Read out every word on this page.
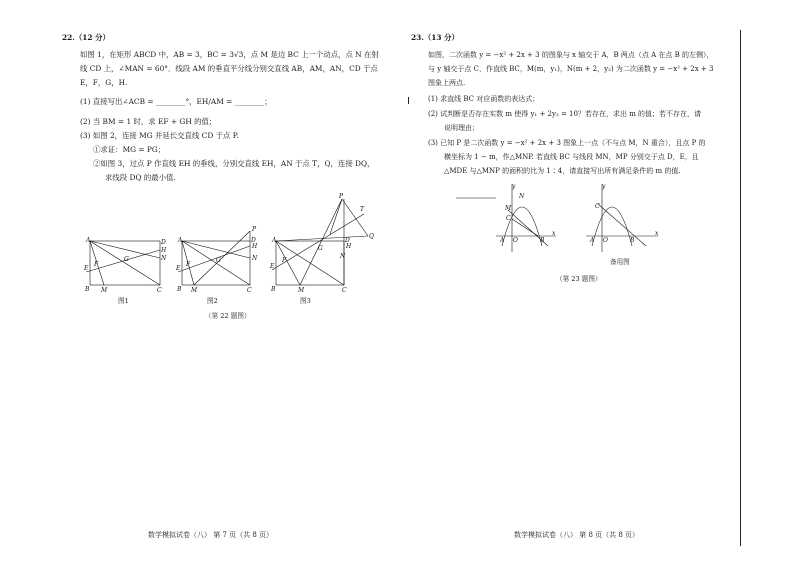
22.（12 分）
如图 1，在矩形 ABCD 中，AB = 3，BC = 3√3，点 M 是边 BC 上一个动点，点 N 在射
线 CD 上，∠MAN = 60°．线段 AM 的垂直平分线分别交直线 AB，AM，AN，CD 于点
E，F，G，H.
(1) 直接写出∠ACB = ________°，EH/AM = ________；
(2) 当 BM = 1 时，求 EF + GH 的值；
(3) 如图 2，连接 MG 并延长交直线 CD 于点 P.
①求证：MG = PG；
②如图 3，过点 P 作直线 EH 的垂线，分别交直线 EH，AN 于点 T，Q，连接 DQ，
求线段 DQ 的最小值.
A	D
B M	C
N
E
F
G
H
图1
A	D
B M	C
P
H
N
E
F
G
图2
A	D
B	M	C
P
T
Q
H
N
E
F
G
图3
（第 22 题图）
数学模拟试卷（八） 第 7 页（共 8 页）
23.（13 分）
如图，二次函数 y = −x² + 2x + 3 的图象与 x 轴交于 A，B 两点（点 A 在点 B 的左侧），
与 y 轴交于点 C，作直线 BC，M(m，y₁)，N(m + 2，y₂) 为二次函数 y = −x² + 2x + 3
图象上两点.
(1) 求直线 BC 对应函数的表达式；
(2) 试判断是否存在实数 m 使得 y₁ + 2y₂ = 10？若存在，求出 m 的值；若不存在，请
说明理由；
(3) 已知 P 是二次函数 y = −x² + 2x + 3 图象上一点（不与点 M，N 重合），且点 P 的
横坐标为 1 − m，作△MNP. 若直线 BC 与线段 MN，MP 分别交于点 D，E，且
△MDE 与△MNP 的面积的比为 1∶4，请直接写出所有满足条件的 m 的值.
y
x
N
M
C
A O	B
y
x
C
A O	B
备用图
（第 23 题图）
数学模拟试卷（八） 第 8 页（共 8 页）
